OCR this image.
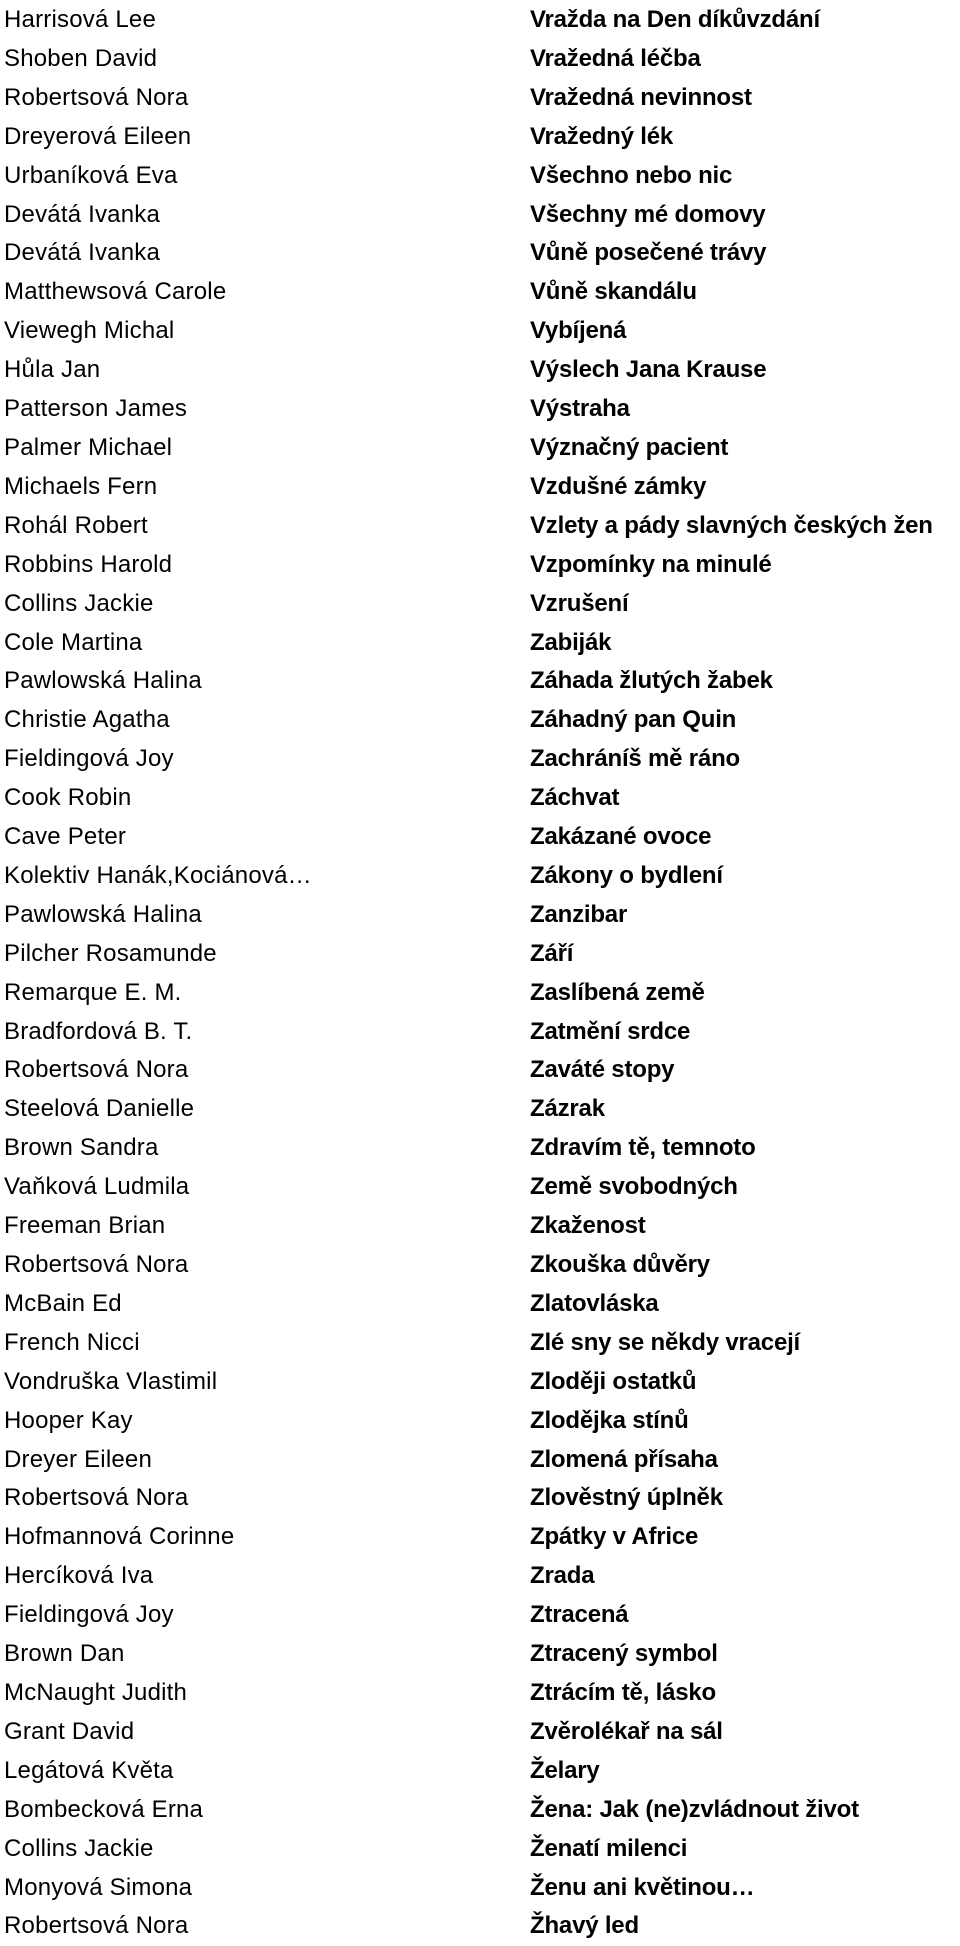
Harrisová Lee	Vražda na Den díkůvzdání
Shoben David	Vražedná léčba
Robertsová Nora	Vražedná nevinnost
Dreyerová Eileen	Vražedný lék
Urbaníková Eva	Všechno nebo nic
Devátá Ivanka	Všechny mé domovy
Devátá Ivanka	Vůně posečené trávy
Matthewsová Carole	Vůně skandálu
Viewegh Michal	Vybíjená
Hůla Jan	Výslech Jana Krause
Patterson James	Výstraha
Palmer Michael	Význačný pacient
Michaels Fern	Vzdušné zámky
Rohál Robert	Vzlety a pády slavných českých žen
Robbins Harold	Vzpomínky na minulé
Collins Jackie	Vzrušení
Cole Martina	Zabiják
Pawlowská Halina	Záhada žlutých žabek
Christie Agatha	Záhadný pan Quin
Fieldingová Joy	Zachráníš mě ráno
Cook Robin	Záchvat
Cave Peter	Zakázané ovoce
Kolektiv Hanák,Kociánová…	Zákony o bydlení
Pawlowská Halina	Zanzibar
Pilcher Rosamunde	Září
Remarque E. M.	Zaslíbená země
Bradfordová B. T.	Zatmění srdce
Robertsová Nora	Zaváté stopy
Steelová Danielle	Zázrak
Brown Sandra	Zdravím tě, temnoto
Vaňková Ludmila	Země svobodných
Freeman Brian	Zkaženost
Robertsová Nora	Zkouška důvěry
McBain Ed	Zlatovláska
French Nicci	Zlé sny se někdy vracejí
Vondruška Vlastimil	Zloději ostatků
Hooper Kay	Zlodějka stínů
Dreyer Eileen	Zlomená přísaha
Robertsová Nora	Zlověstný úplněk
Hofmannová Corinne	Zpátky v Africe
Hercíková Iva	Zrada
Fieldingová Joy	Ztracená
Brown Dan	Ztracený symbol
McNaught Judith	Ztrácím tě, lásko
Grant David	Zvěrolékař na sál
Legátová Květa	Želary
Bombecková Erna	Žena: Jak (ne)zvládnout život
Collins Jackie	Ženatí milenci
Monyová Simona	Ženu ani květinou…
Robertsová Nora	Žhavý led
